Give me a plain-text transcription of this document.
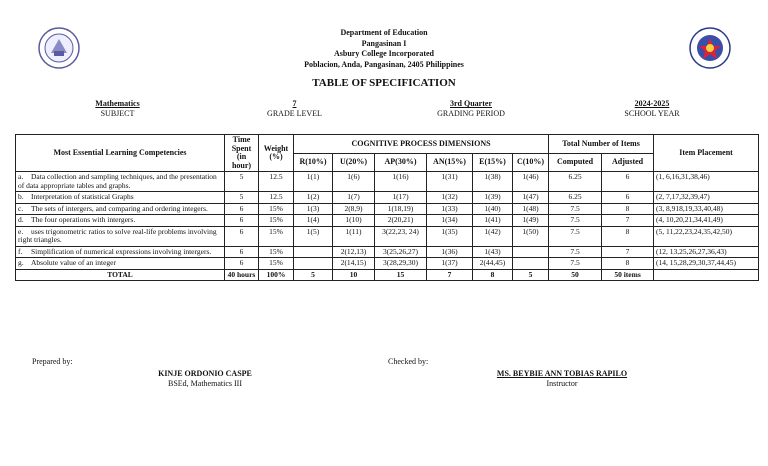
Department of Education
Pangasinan I
Asbury College Incorporated
Poblacion, Anda, Pangasinan, 2405 Philippines
TABLE OF SPECIFICATION
Mathematics
SUBJECT
7
GRADE LEVEL
3rd Quarter
GRADING PERIOD
2024-2025
SCHOOL YEAR
Most Essential Learning Competencies	Time Spent (in hour)	Weight (%)	COGNITIVE PROCESS DIMENSIONS						Total Number of Items		Item Placement
			R(10%)	U(20%)	AP(30%)	AN(15%)	E(15%)	C(10%)	Computed	Adjusted	
a. Data collection and sampling techniques, and the presentation of data appropriate tables and graphs.	5	12.5	1(1)	1(6)	1(16)	1(31)	1(38)	1(46)	6.25	6	(1, 6,16,31,38,46)
b. Interpretation of statistical Graphs	5	12.5	1(2)	1(7)	1(17)	1(32)	1(39)	1(47)	6.25	6	(2, 7,17,32,39,47)
c. The sets of intergers, and comparing and ordering integers.	6	15%	1(3)	2(8,9)	1(18,19)	1(33)	1(40)	1(48)	7.5	8	(3, 8,918,19,33,40,48)
d. The four operations with intergers.	6	15%	1(4)	1(10)	2(20,21)	1(34)	1(41)	1(49)	7.5	7	(4, 10,20,21,34,41,49)
e. uses trigonometric ratios to solve real-life problems involving right triangles.	6	15%	1(5)	1(11)	3(22,23, 24)	1(35)	1(42)	1(50)	7.5	8	(5, 11,22,23,24,35,42,50)
f. Simplification of numerical expressions involving intergers.	6	15%		2(12,13)	3(25,26,27)	1(36)	1(43)		7.5	7	(12, 13,25,26,27,36,43)
g. Absolute value of an integer	6	15%		2(14,15)	3(28,29,30)	1(37)	2(44,45)		7.5	8	(14, 15,28,29,30,37,44,45)
TOTAL	40 hours	100%	5	10	15	7	8	5	50	50 items	
Prepared by:
KINJE ORDONIO CASPE
BSEd, Mathematics III
Checked by:
MS. BEYBIE ANN TOBIAS RAPILO
Instructor
